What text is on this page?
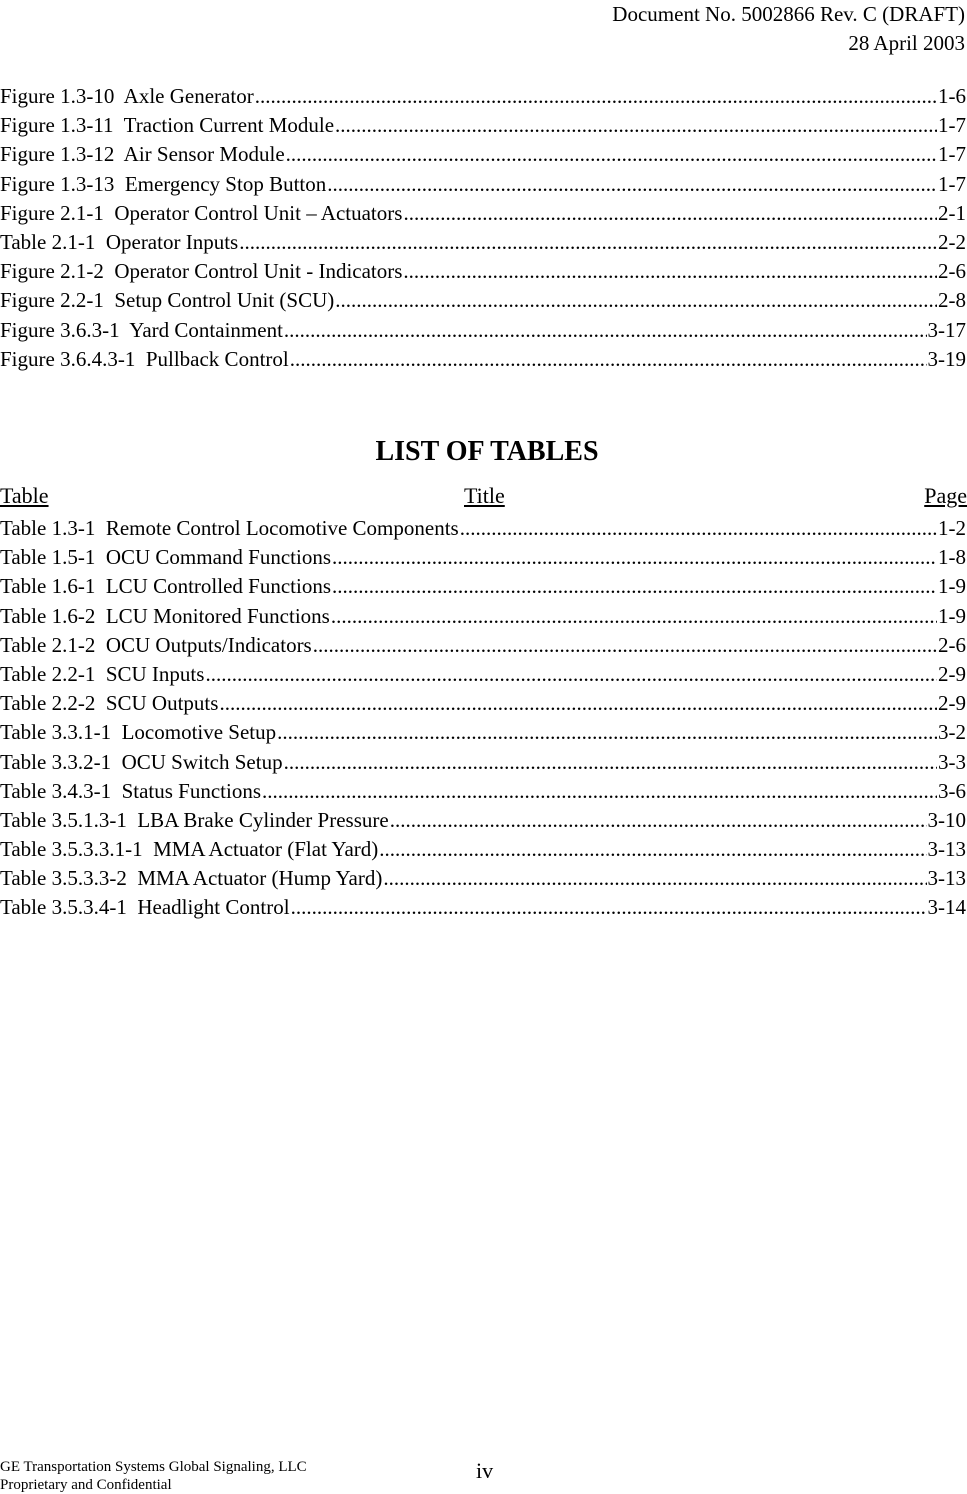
Document No. 5002866 Rev. C (DRAFT)
28 April 2003
Figure 1.3-10  Axle Generator .....	1-6
Figure 1.3-11  Traction Current Module .....	1-7
Figure 1.3-12  Air Sensor Module .....	1-7
Figure 1.3-13  Emergency Stop Button .....	1-7
Figure 2.1-1  Operator Control Unit – Actuators .....	2-1
Table 2.1-1  Operator Inputs .....	2-2
Figure 2.1-2  Operator Control Unit - Indicators .....	2-6
Figure 2.2-1  Setup Control Unit (SCU) .....	2-8
Figure 3.6.3-1  Yard Containment .....	3-17
Figure 3.6.4.3-1  Pullback Control .....	3-19
LIST OF TABLES
Table	Title	Page
Table 1.3-1  Remote Control Locomotive Components .....	1-2
Table 1.5-1  OCU Command Functions .....	1-8
Table 1.6-1  LCU Controlled Functions .....	1-9
Table 1.6-2  LCU Monitored Functions .....	1-9
Table 2.1-2  OCU Outputs/Indicators .....	2-6
Table 2.2-1  SCU Inputs .....	2-9
Table 2.2-2  SCU Outputs .....	2-9
Table 3.3.1-1  Locomotive Setup .....	3-2
Table 3.3.2-1  OCU Switch Setup .....	3-3
Table 3.4.3-1  Status Functions .....	3-6
Table 3.5.1.3-1  LBA Brake Cylinder Pressure .....	3-10
Table 3.5.3.3.1-1  MMA Actuator (Flat Yard) .....	3-13
Table 3.5.3.3-2  MMA Actuator (Hump Yard) .....	3-13
Table 3.5.3.4-1  Headlight Control .....	3-14
GE Transportation Systems Global Signaling, LLC
Proprietary and Confidential
iv
